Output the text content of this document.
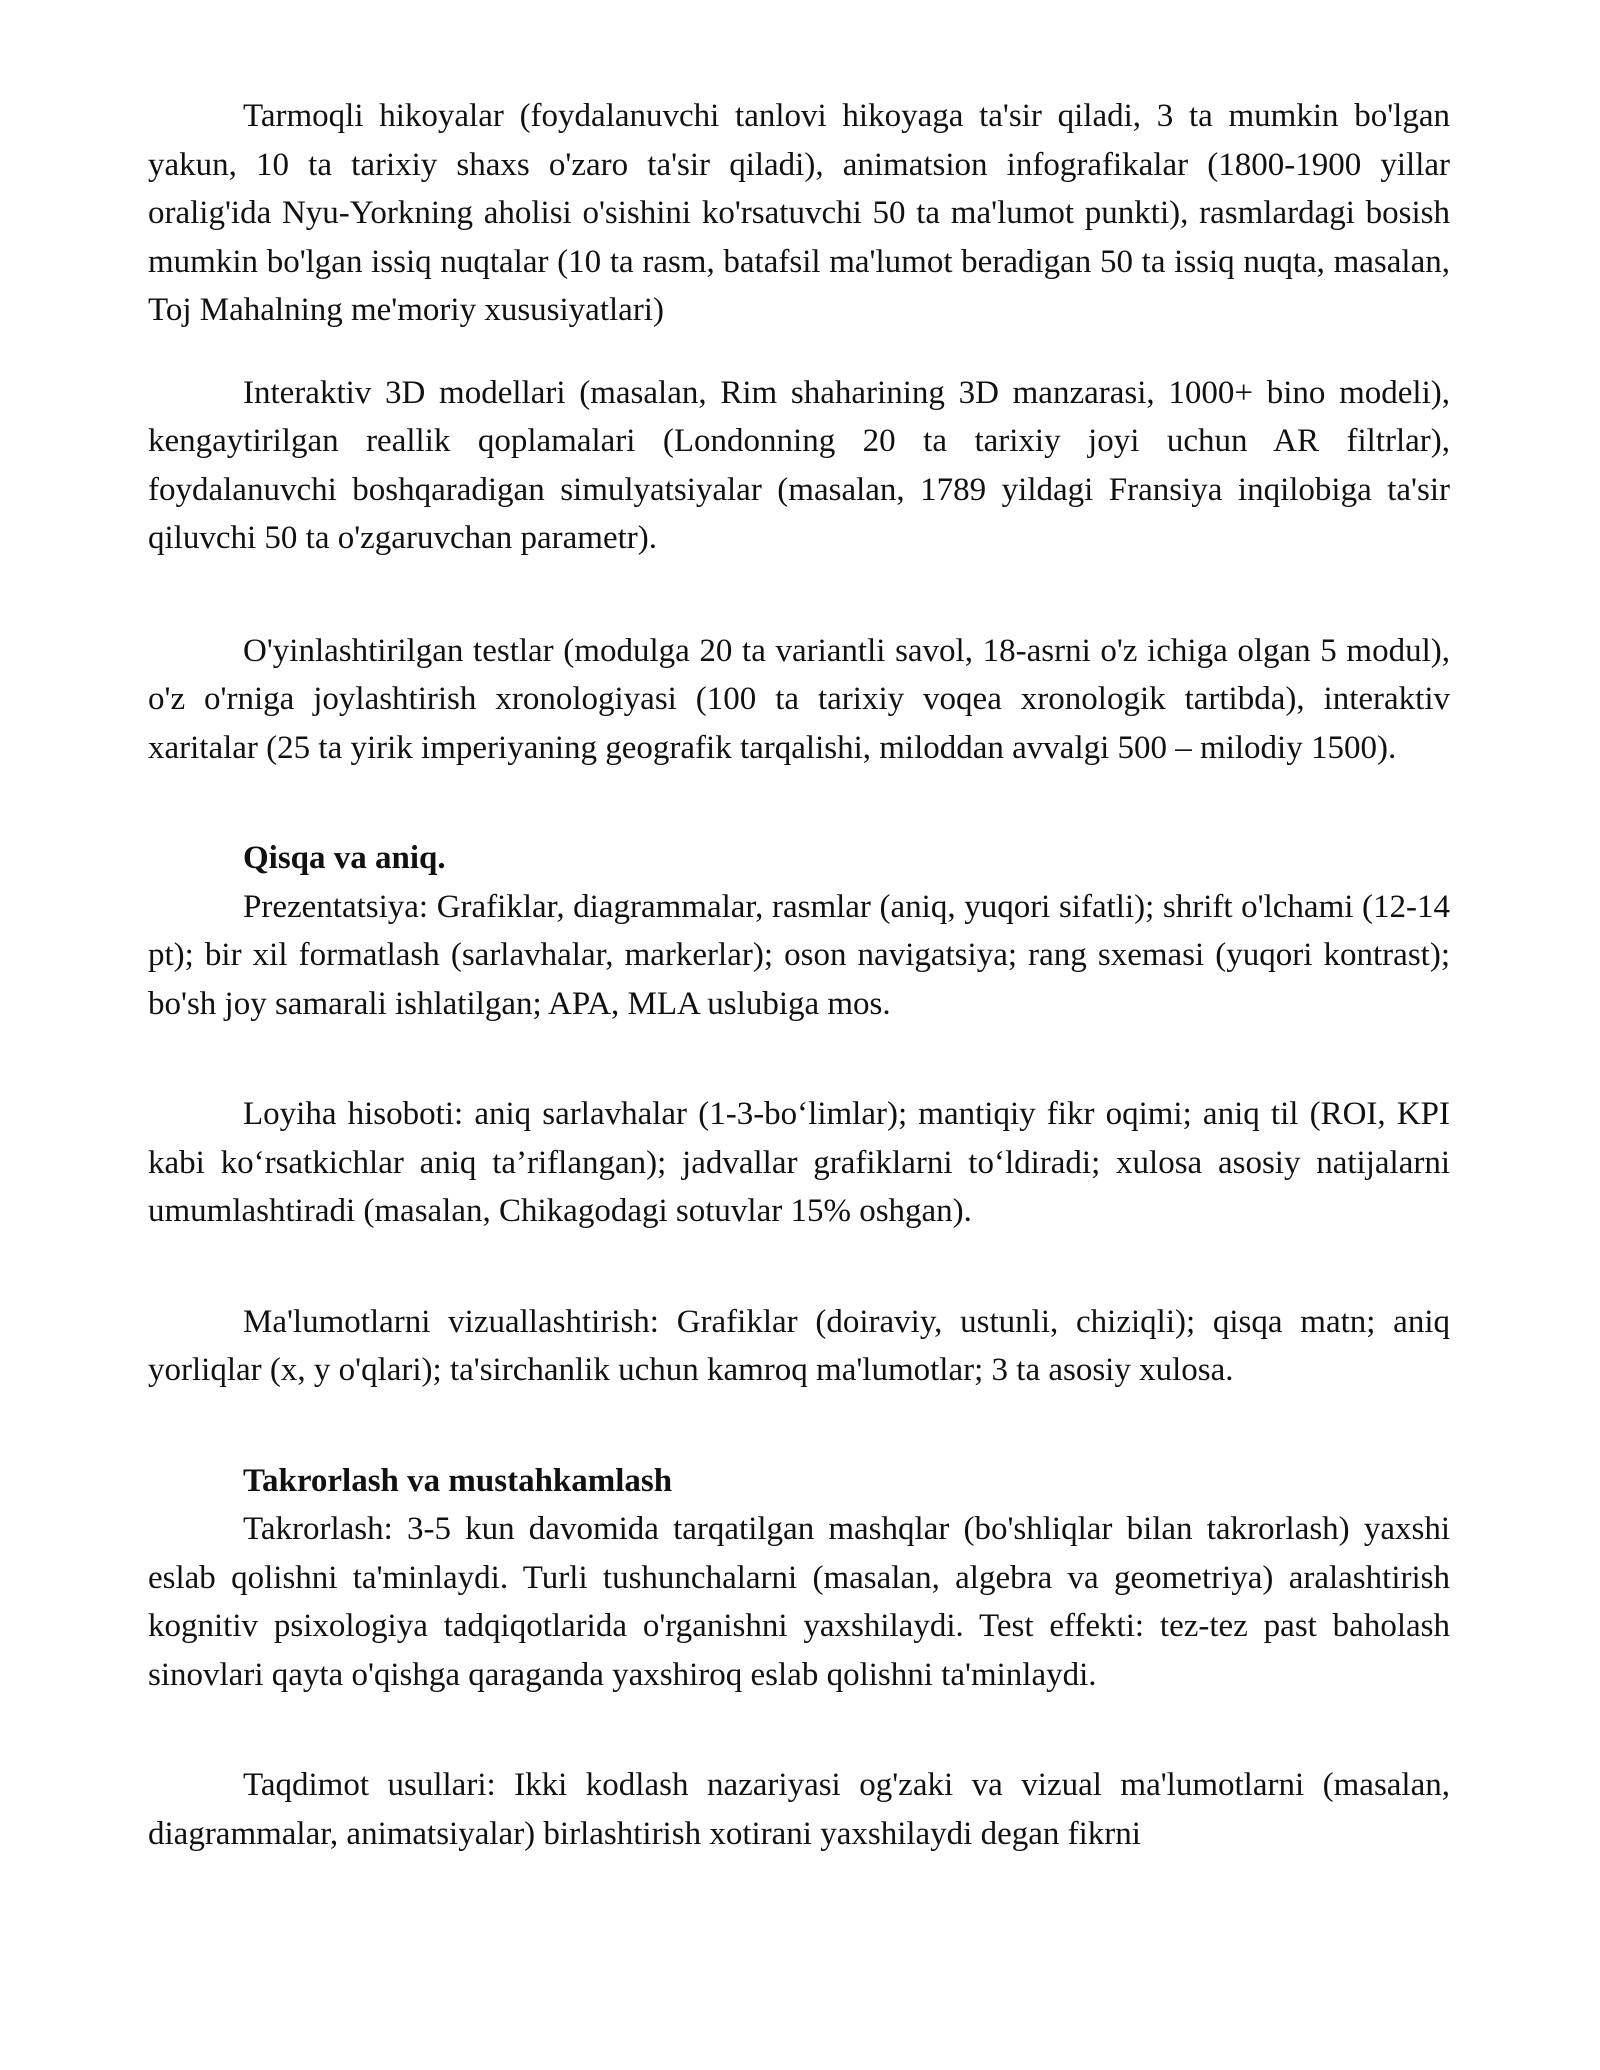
Tarmoqli hikoyalar (foydalanuvchi tanlovi hikoyaga ta'sir qiladi, 3 ta mumkin bo'lgan yakun, 10 ta tarixiy shaxs o'zaro ta'sir qiladi), animatsion infografikalar (1800-1900 yillar oralig'ida Nyu-Yorkning aholisi o'sishini ko'rsatuvchi 50 ta ma'lumot punkti), rasmlardagi bosish mumkin bo'lgan issiq nuqtalar (10 ta rasm, batafsil ma'lumot beradigan 50 ta issiq nuqta, masalan, Toj Mahalning me'moriy xususiyatlari)

Interaktiv 3D modellari (masalan, Rim shaharining 3D manzarasi, 1000+ bino modeli), kengaytirilgan reallik qoplamalari (Londonning 20 ta tarixiy joyi uchun AR filtrlar), foydalanuvchi boshqaradigan simulyatsiyalar (masalan, 1789 yildagi Fransiya inqilobiga ta'sir qiluvchi 50 ta o'zgaruvchan parametr).

O'yinlashtirilgan testlar (modulga 20 ta variantli savol, 18-asrni o'z ichiga olgan 5 modul), o'z o'rniga joylashtirish xronologiyasi (100 ta tarixiy voqea xronologik tartibda), interaktiv xaritalar (25 ta yirik imperiyaning geografik tarqalishi, miloddan avvalgi 500 – milodiy 1500).

Qisqa va aniq.

Prezentatsiya: Grafiklar, diagrammalar, rasmlar (aniq, yuqori sifatli); shrift o'lchami (12-14 pt); bir xil formatlash (sarlavhalar, markerlar); oson navigatsiya; rang sxemasi (yuqori kontrast); bo'sh joy samarali ishlatilgan; APA, MLA uslubiga mos.

Loyiha hisoboti: aniq sarlavhalar (1-3-bo‘limlar); mantiqiy fikr oqimi; aniq til (ROI, KPI kabi ko‘rsatkichlar aniq ta’riflangan); jadvallar grafiklarni to‘ldiradi; xulosa asosiy natijalarni umumlashtiradi (masalan, Chikagodagi sotuvlar 15% oshgan).

Ma'lumotlarni vizuallashtirish: Grafiklar (doiraviy, ustunli, chiziqli); qisqa matn; aniq yorliqlar (x, y o'qlari); ta'sirchanlik uchun kamroq ma'lumotlar; 3 ta asosiy xulosa.

Takrorlash va mustahkamlash

Takrorlash: 3-5 kun davomida tarqatilgan mashqlar (bo'shliqlar bilan takrorlash) yaxshi eslab qolishni ta'minlaydi. Turli tushunchalarni (masalan, algebra va geometriya) aralashtirish kognitiv psixologiya tadqiqotlarida o'rganishni yaxshilaydi. Test effekti: tez-tez past baholash sinovlari qayta o'qishga qaraganda yaxshiroq eslab qolishni ta'minlaydi.

Taqdimot usullari: Ikki kodlash nazariyasi og'zaki va vizual ma'lumotlarni (masalan, diagrammalar, animatsiyalar) birlashtirish xotirani yaxshilaydi degan fikrni
